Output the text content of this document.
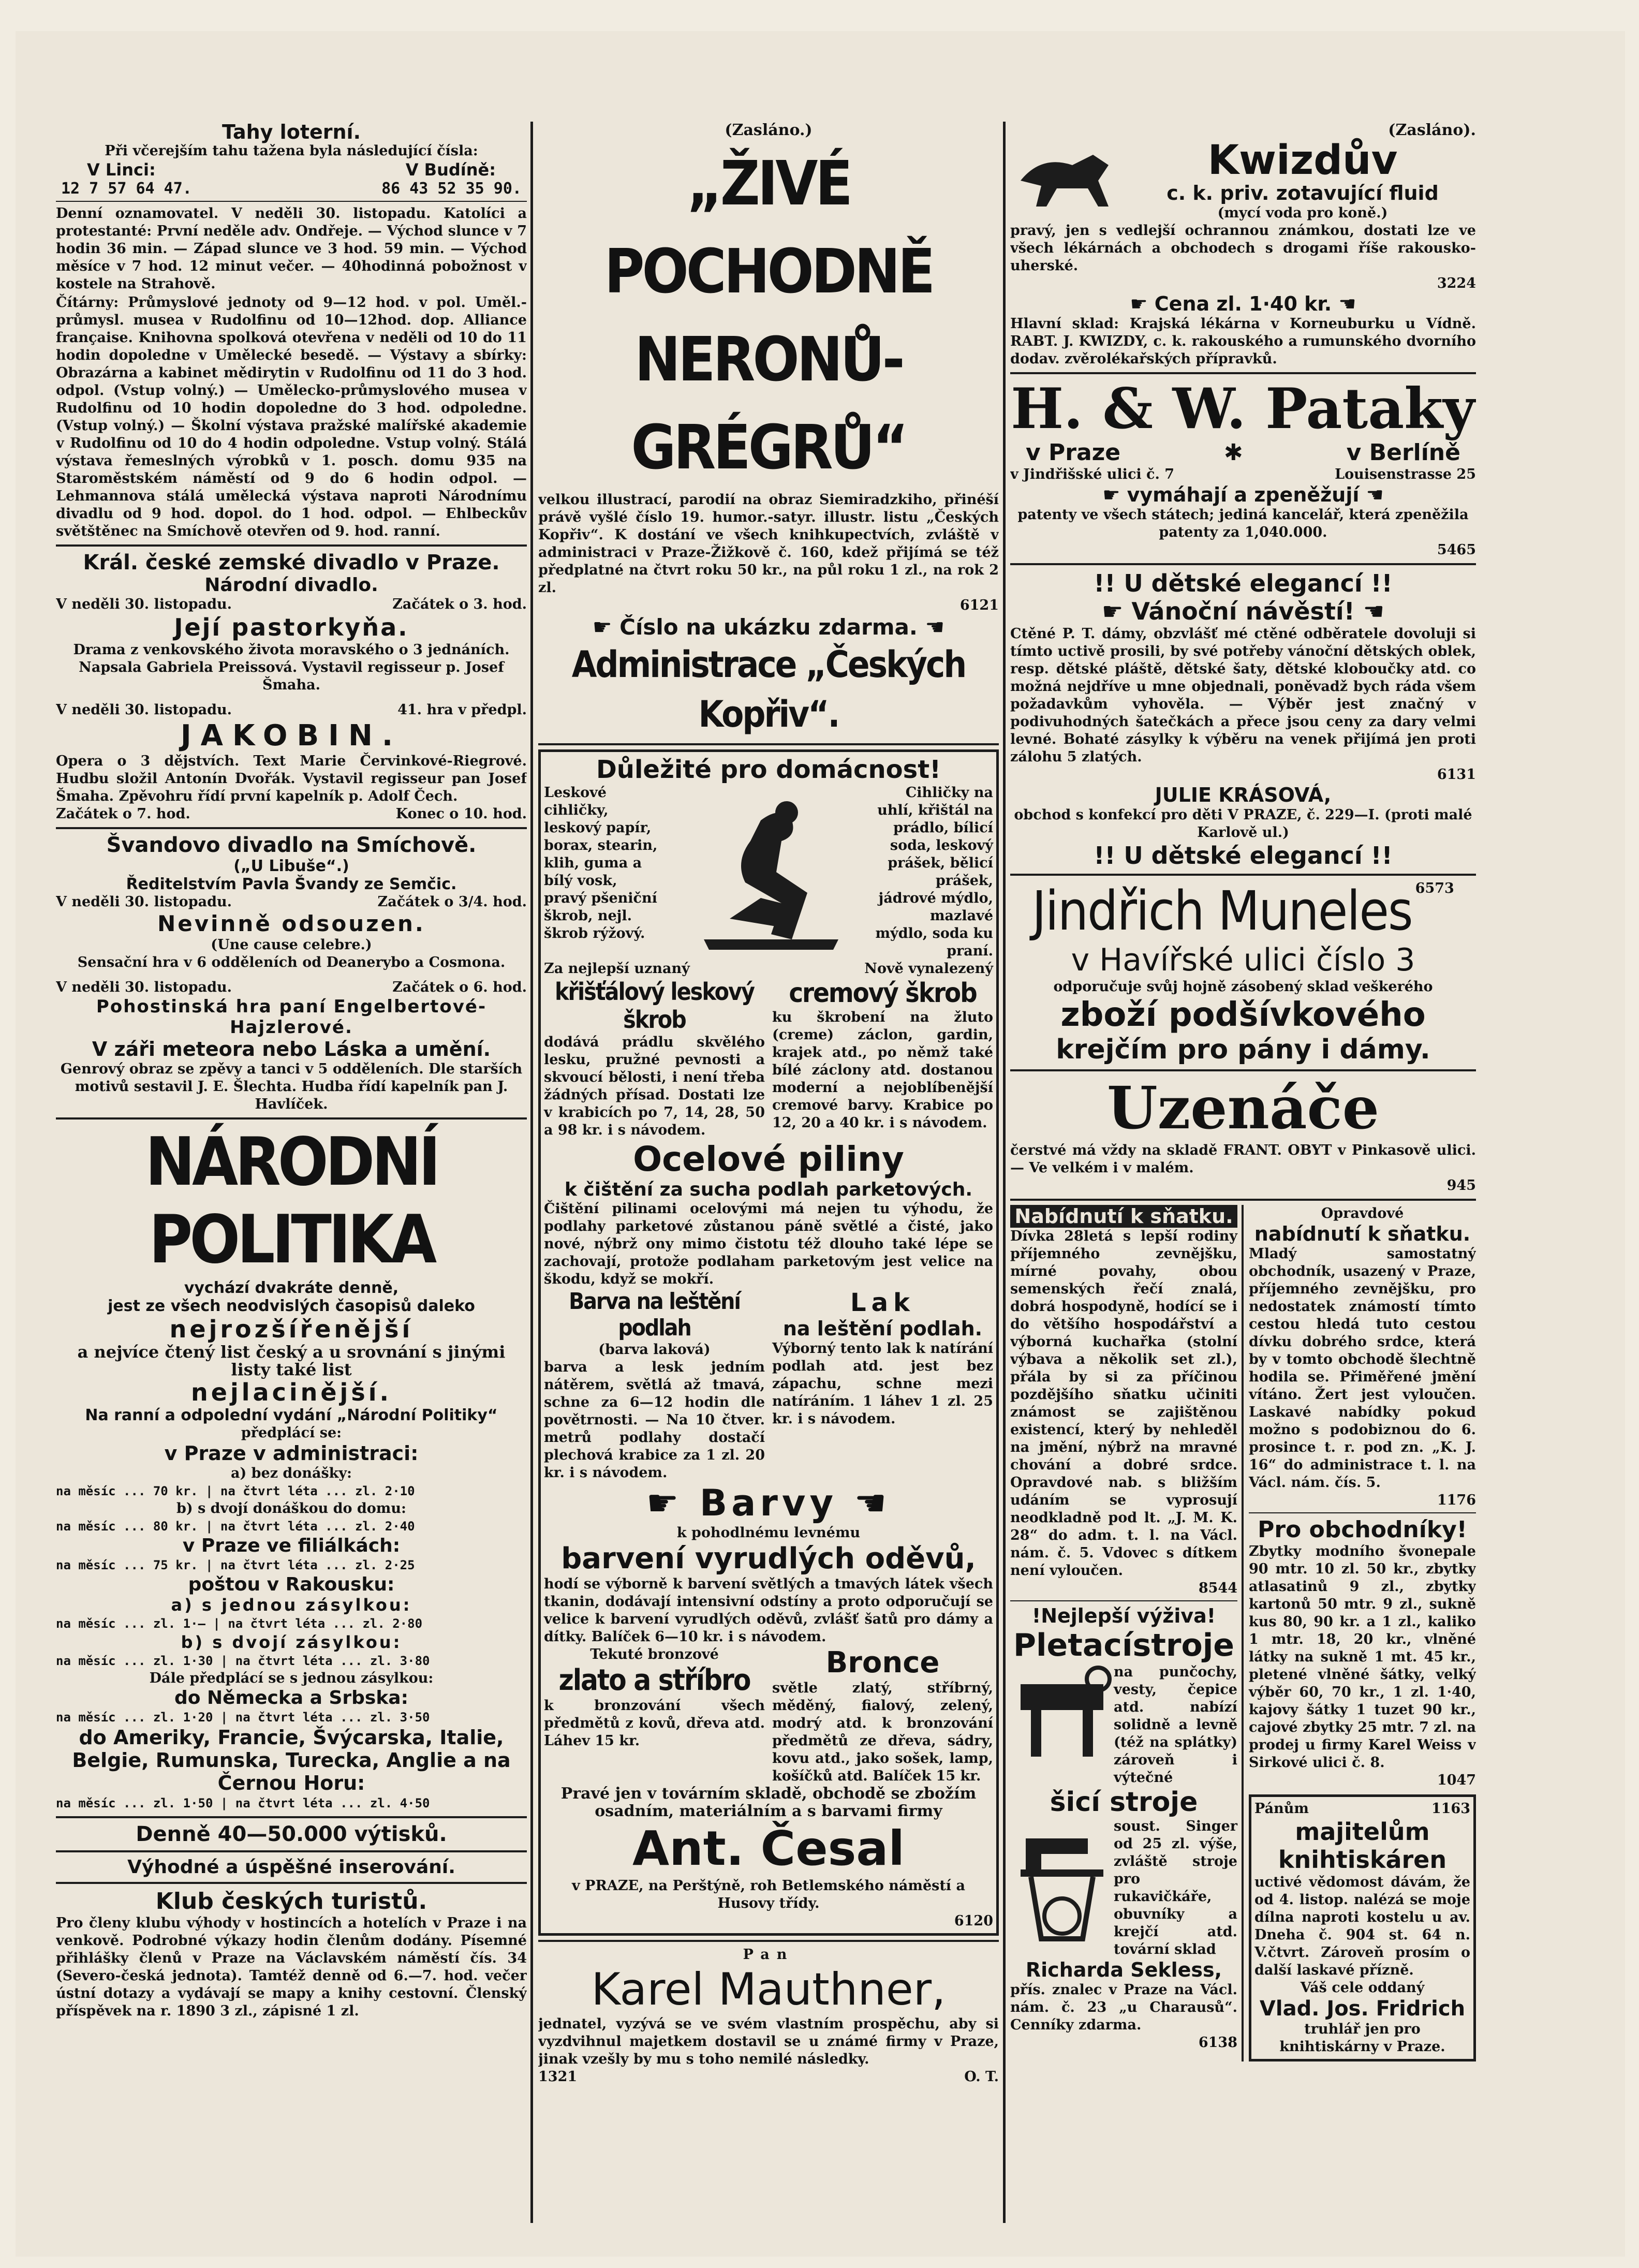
Tahy loterní.
Při včerejším tahu tažena byla následující čísla:
V Linci:	V Budíně:
12 7 57 64 47.	86 43 52 35 90.

Denní oznamovatel. V neděli 30. listopadu. Katolíci a protestanté: První neděle adv. Ondřeje. — Východ slunce v 7 hodin 36 min. — Západ slunce ve 3 hod. 59 min. — Východ měsíce v 7 hod. 12 minut večer. — 40hodinná pobožnost v kostele na Strahově.

Čítárny: Průmyslové jednoty od 9—12 hod. v pol. Uměl.-průmysl. musea v Rudolfinu od 10—12hod. dop. Alliance française. Knihovna spolková otevřena v neděli od 10 do 11 hodin dopoledne v Umělecké besedě. — Výstavy a sbírky: Obrazárna a kabinet mědirytin v Rudolfinu od 11 do 3 hod. odpol. (Vstup volný.) — Umělecko-průmyslového musea v Rudolfinu od 10 hodin dopoledne do 3 hod. odpoledne. (Vstup volný.) — Školní výstava pražské malířské akademie v Rudolfinu od 10 do 4 hodin odpoledne. Vstup volný. Stálá výstava řemeslných výrobků v 1. posch. domu 935 na Staroměstském náměstí od 9 do 6 hodin odpol. — Lehmannova stálá umělecká výstava naproti Národnímu divadlu od 9 hod. dopol. do 1 hod. odpol. — Ehlbeckův světštěnec na Smíchově otevřen od 9. hod. ranní.

Král. české zemské divadlo v Praze.
Národní divadlo.
V neděli 30. listopadu.	Začátek o 3. hod.
Její pastorkyňa.

Drama z venkovského života moravského o 3 jednáních. Napsala Gabriela Preissová. Vystavil regisseur p. Josef Šmaha.

V neděli 30. listopadu.	41. hra v předpl.
JAKOBIN.

Opera o 3 dějstvích. Text Marie Červinkové-Riegrové. Hudbu složil Antonín Dvořák. Vystavil regisseur pan Josef Šmaha. Zpěvohru řídí první kapelník p. Adolf Čech.

Začátek o 7. hod.	Konec o 10. hod.
Švandovo divadlo na Smíchově.
(„U Libuše“.)
Ředitelstvím Pavla Švandy ze Semčic.
V neděli 30. listopadu.	Začátek o 3/4. hod.
Nevinně odsouzen.
(Une cause celebre.)
Sensační hra v 6 odděleních od Deanerybo a Cosmona.
V neděli 30. listopadu.	Začátek o 6. hod.
Pohostinská hra paní Engelbertové-Hajzlerové.
V záři meteora nebo Láska a umění.

Genrový obraz se zpěvy a tanci v 5 odděleních. Dle starších motivů sestavil J. E. Šlechta. Hudba řídí kapelník pan J. Havlíček.

NÁRODNÍ POLITIKA
vychází dvakráte denně,
jest ze všech neodvislých časopisů daleko
nejrozšířenější
a nejvíce čtený list český a u srovnání s jinými listy také list
nejlacinější.
Na ranní a odpolední vydání „Národní Politiky“
předplácí se:
v Praze v administraci:
a) bez donášky:
na měsíc ... 70 kr. | na čtvrt léta ... zl. 2·10
b) s dvojí donáškou do domu:
na měsíc ... 80 kr. | na čtvrt léta ... zl. 2·40
v Praze ve filiálkách:
na měsíc ... 75 kr. | na čtvrt léta ... zl. 2·25
poštou v Rakousku:
a) s jednou zásylkou:
na měsíc ... zl. 1·— | na čtvrt léta ... zl. 2·80
b) s dvojí zásylkou:
na měsíc ... zl. 1·30 | na čtvrt léta ... zl. 3·80
Dále předplácí se s jednou zásylkou:
do Německa a Srbska:
na měsíc ... zl. 1·20 | na čtvrt léta ... zl. 3·50
do Ameriky, Francie, Švýcarska, Italie, Belgie, Rumunska, Turecka, Anglie a na Černou Horu:
na měsíc ... zl. 1·50 | na čtvrt léta ... zl. 4·50
Denně 40—50.000 výtisků.
Výhodné a úspěšné inserování.
Klub českých turistů.

Pro členy klubu výhody v hostincích a hotelích v Praze i na venkově. Podrobné výkazy hodin členům dodány. Písemné přihlášky členů v Praze na Václavském náměstí čís. 34 (Severo-česká jednota). Tamtéž denně od 6.—7. hod. večer ústní dotazy a vydávají se mapy a knihy cestovní. Členský příspěvek na r. 1890 3 zl., zápisné 1 zl.

(Zasláno.)
„ŽIVÉ POCHODNĚ
NERONŮ-GRÉGRŮ“

velkou illustrací, parodií na obraz Siemiradzkiho, přinéší právě vyšlé číslo 19. humor.-satyr. illustr. listu „Českých Kopřiv“. K dostání ve všech knihkupectvích, zvláště v administraci v Praze-Žižkově č. 160, kdež přijímá se též předplatné na čtvrt roku 50 kr., na půl roku 1 zl., na rok 2 zl.

6121
☛ Číslo na ukázku zdarma. ☚
Administrace „Českých Kopřiv“.
Důležité pro domácnost!

Leskové cihličky, leskový papír, borax, stearin, klih, guma a bílý vosk, pravý pšeniční škrob, nejl. škrob rýžový.

Cihličky na uhlí, křištál na prádlo, bílicí soda, leskový prášek, bělicí prášek, jádrové mýdlo, mazlavé mýdlo, soda ku praní.

Za nejlepší uznaný	Nově vynalezený
křišťálový leskový škrob

dodává prádlu skvělého lesku, pružné pevnosti a skvoucí bělosti, i není třeba žádných přísad. Dostati lze v krabicích po 7, 14, 28, 50 a 98 kr. i s návodem.

cremový škrob

ku škrobení na žluto (creme) záclon, gardin, krajek atd., po němž také bílé záclony atd. dostanou moderní a nejoblíbenější cremové barvy. Krabice po 12, 20 a 40 kr. i s návodem.

Ocelové piliny
k čištění za sucha podlah parketových.

Čištění pilinami ocelovými má nejen tu výhodu, že podlahy parketové zůstanou páně světlé a čisté, jako nové, nýbrž ony mimo čistotu též dlouho také lépe se zachovají, protože podlaham parketovým jest velice na škodu, když se mokří.

Barva na leštění podlah
(barva laková)

barva a lesk jedním nátěrem, světlá až tmavá, schne za 6—12 hodin dle povětrnosti. — Na 10 čtver. metrů podlahy dostačí plechová krabice za 1 zl. 20 kr. i s návodem.

Lak
na leštění podlah.

Výborný tento lak k natírání podlah atd. jest bez zápachu, schne mezi natíráním. 1 láhev 1 zl. 25 kr. i s návodem.

☛ Barvy ☚
k pohodlnému levnému
barvení vyrudlých oděvů,

hodí se výborně k barvení světlých a tmavých látek všech tkanin, dodávají intensivní odstíny a proto odporučují se velice k barvení vyrudlých oděvů, zvlášť šatů pro dámy a dítky. Balíček 6—10 kr. i s návodem.

Tekuté bronzové
zlato a stříbro

k bronzování všech předmětů z kovů, dřeva atd. Láhev 15 kr.

Bronce

světle zlatý, stříbrný, měděný, fialový, zelený, modrý atd. k bronzování předmětů ze dřeva, sádry, kovu atd., jako sošek, lamp, košíčků atd. Balíček 15 kr.

Pravé jen v továrním skladě, obchodě se zbožím osadním, materiálním a s barvami firmy

Ant. Česal
v PRAZE, na Perštýně, roh Betlemského náměstí a Husovy třídy.
6120
Pan
Karel Mauthner,

jednatel, vyzývá se ve svém vlastním prospěchu, aby si vyzdvihnul majetkem dostavil se u známé firmy v Praze, jinak vzešly by mu s toho nemilé následky.

1321	O. T.
(Zasláno).
Kwizdův
c. k. priv. zotavující fluid
(mycí voda pro koně.)

pravý, jen s vedlejší ochrannou známkou, dostati lze ve všech lékárnách a obchodech s drogami říše rakousko-uherské.

3224
☛ Cena zl. 1·40 kr. ☚

Hlavní sklad: Krajská lékárna v Korneuburku u Vídně. RABT. J. KWIZDY, c. k. rakouského a rumunského dvorního dodav. zvěrolékařských přípravků.

H. & W. Pataky
v Praze	✱	v Berlíně
v Jindřišské ulici č. 7	Louisenstrasse 25
☛ vymáhají a zpeněžují ☚

patenty ve všech státech; jediná kancelář, která zpeněžila patenty za 1,040.000.

5465
!! U dětské elegancí !!
☛ Vánoční návěstí! ☚

Ctěné P. T. dámy, obzvlášť mé ctěné odběratele dovoluji si tímto uctivě prosili, by své potřeby vánoční dětských oblek, resp. dětské pláště, dětské šaty, dětské kloboučky atd. co možná nejdříve u mne objednali, poněvadž bych ráda všem požadavkům vyhověla. — Výběr jest značný v podivuhodných šatečkách a přece jsou ceny za dary velmi levné. Bohaté zásylky k výběru na venek přijímá jen proti zálohu 5 zlatých.

6131
JULIE KRÁSOVÁ,
obchod s konfekcí pro děti V PRAZE, č. 229—I. (proti malé Karlově ul.)
!! U dětské elegancí !!
Jindřich Muneles 6573
v Havířské ulici číslo 3
odporučuje svůj hojně zásobený sklad veškerého
zboží podšívkového
krejčím pro pány i dámy.
Uzenáče

čerstvé má vždy na skladě FRANT. OBYT v Pinkasově ulici. — Ve velkém i v malém.

945
Nabídnutí k sňatku.

Dívka 28letá s lepší rodiny příjemného zevnějšku, mírné povahy, obou semenských řečí znalá, dobrá hospodyně, hodící se i do většího hospodářství a výborná kuchařka (stolní výbava a několik set zl.), přála by si za příčinou pozdějšího sňatku učiniti známost se zajištěnou existencí, který by nehleděl na jmění, nýbrž na mravné chování a dobré srdce. Opravdové nab. s bližším udáním se vyprosují neodkladně pod lt. „J. M. K. 28“ do adm. t. l. na Václ. nám. č. 5. Vdovec s dítkem není vyloučen.

8544
!Nejlepší výživa!
Pletacístroje

na punčochy, vesty, čepice atd. nabízí solidně a levně (též na splátky) zároveň i výtečné

šicí stroje

soust. Singer od 25 zl. výše, zvláště stroje pro rukavičkáře, obuvníky a krejčí atd. tovární sklad

Richarda Sekless,

přís. znalec v Praze na Václ. nám. č. 23 „u Charausů“. Cenníky zdarma.

6138
Opravdové
nabídnutí k sňatku.

Mladý samostatný obchodník, usazený v Praze, příjemného zevnějšku, pro nedostatek známostí tímto cestou hledá tuto cestou dívku dobrého srdce, která by v tomto obchodě šlechtně hodila se. Přiměřené jmění vítáno. Žert jest vyloučen. Laskavé nabídky pokud možno s podobiznou do 6. prosince t. r. pod zn. „K. J. 16“ do administrace t. l. na Václ. nám. čís. 5.

1176
Pro obchodníky!

Zbytky modního švonepale 90 mtr. 10 zl. 50 kr., zbytky atlasatinů 9 zl., zbytky kartonů 50 mtr. 9 zl., sukně kus 80, 90 kr. a 1 zl., kaliko 1 mtr. 18, 20 kr., vlněné látky na sukně 1 mt. 45 kr., pletené vlněné šátky, velký výběr 60, 70 kr., 1 zl. 1·40, kajovy šátky 1 tuzet 90 kr., cajové zbytky 25 mtr. 7 zl. na prodej u firmy Karel Weiss v Sirkové ulici č. 8.

1047
Pánům	1163
majitelům knihtiskáren

uctivé vědomost dávám, že od 4. listop. nalézá se moje dílna naproti kostelu u av. Dneha č. 904 st. 64 n. V.čtvrt. Zároveň prosím o další laskavé přízně.

Váš cele oddaný
Vlad. Jos. Fridrich
truhlář jen pro knihtiskárny v Praze.
